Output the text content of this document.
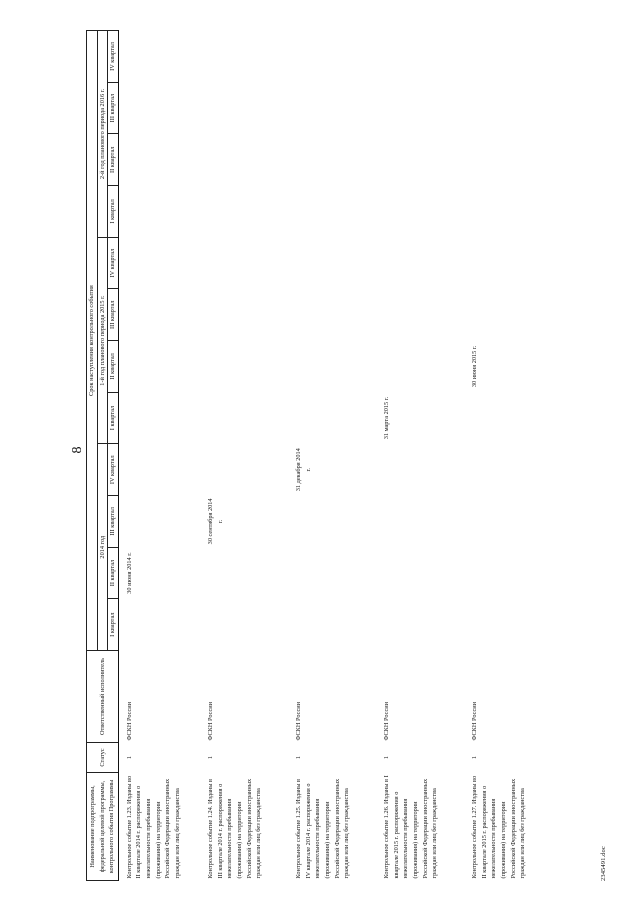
8
Наименование подпрограммы, федеральной целевой программы, контрольного события Программы	Статус	Ответственный исполнитель	Срок наступления контрольного события											
			2014 год				1-й год планового периода 2015 г.				2-й год планового периода 2016 г.			
			I квартал	II квартал	III квартал	IV квартал	I квартал	II квартал	III квартал	IV квартал	I квартал	II квартал	III квартал	IV квартал
Контрольное событие 1.23. Изданы во II квартале 2014 г. распоряжения о нежелательности пребывания (проживания) на территории Российской Федерации иностранных граждан или лиц без гражданства	1	ФСКН России		30 июня 2014 г.										
Контрольное событие 1.24. Изданы в III квартале 2014 г. распоряжения о нежелательности пребывания (проживания) на территории Российской Федерации иностранных граждан или лиц без гражданства	1	ФСКН России			30 сентября 2014 г.									
Контрольное событие 1.25. Изданы в IV квартале 2014 г. распоряжения о нежелательности пребывания (проживания) на территории Российской Федерации иностранных граждан или лиц без гражданства	1	ФСКН России				31 декабря 2014 г.								
Контрольное событие 1.26. Изданы в I квартале 2015 г. распоряжения о нежелательности пребывания (проживания) на территории Российской Федерации иностранных граждан или лиц без гражданства	1	ФСКН России					31 марта 2015 г.							
Контрольное событие 1.27. Изданы во II квартале 2015 г. распоряжения о нежелательности пребывания (проживания) на территории Российской Федерации иностранных граждан или лиц без гражданства	1	ФСКН России						30 июня 2015 г.						
2345491.doc
